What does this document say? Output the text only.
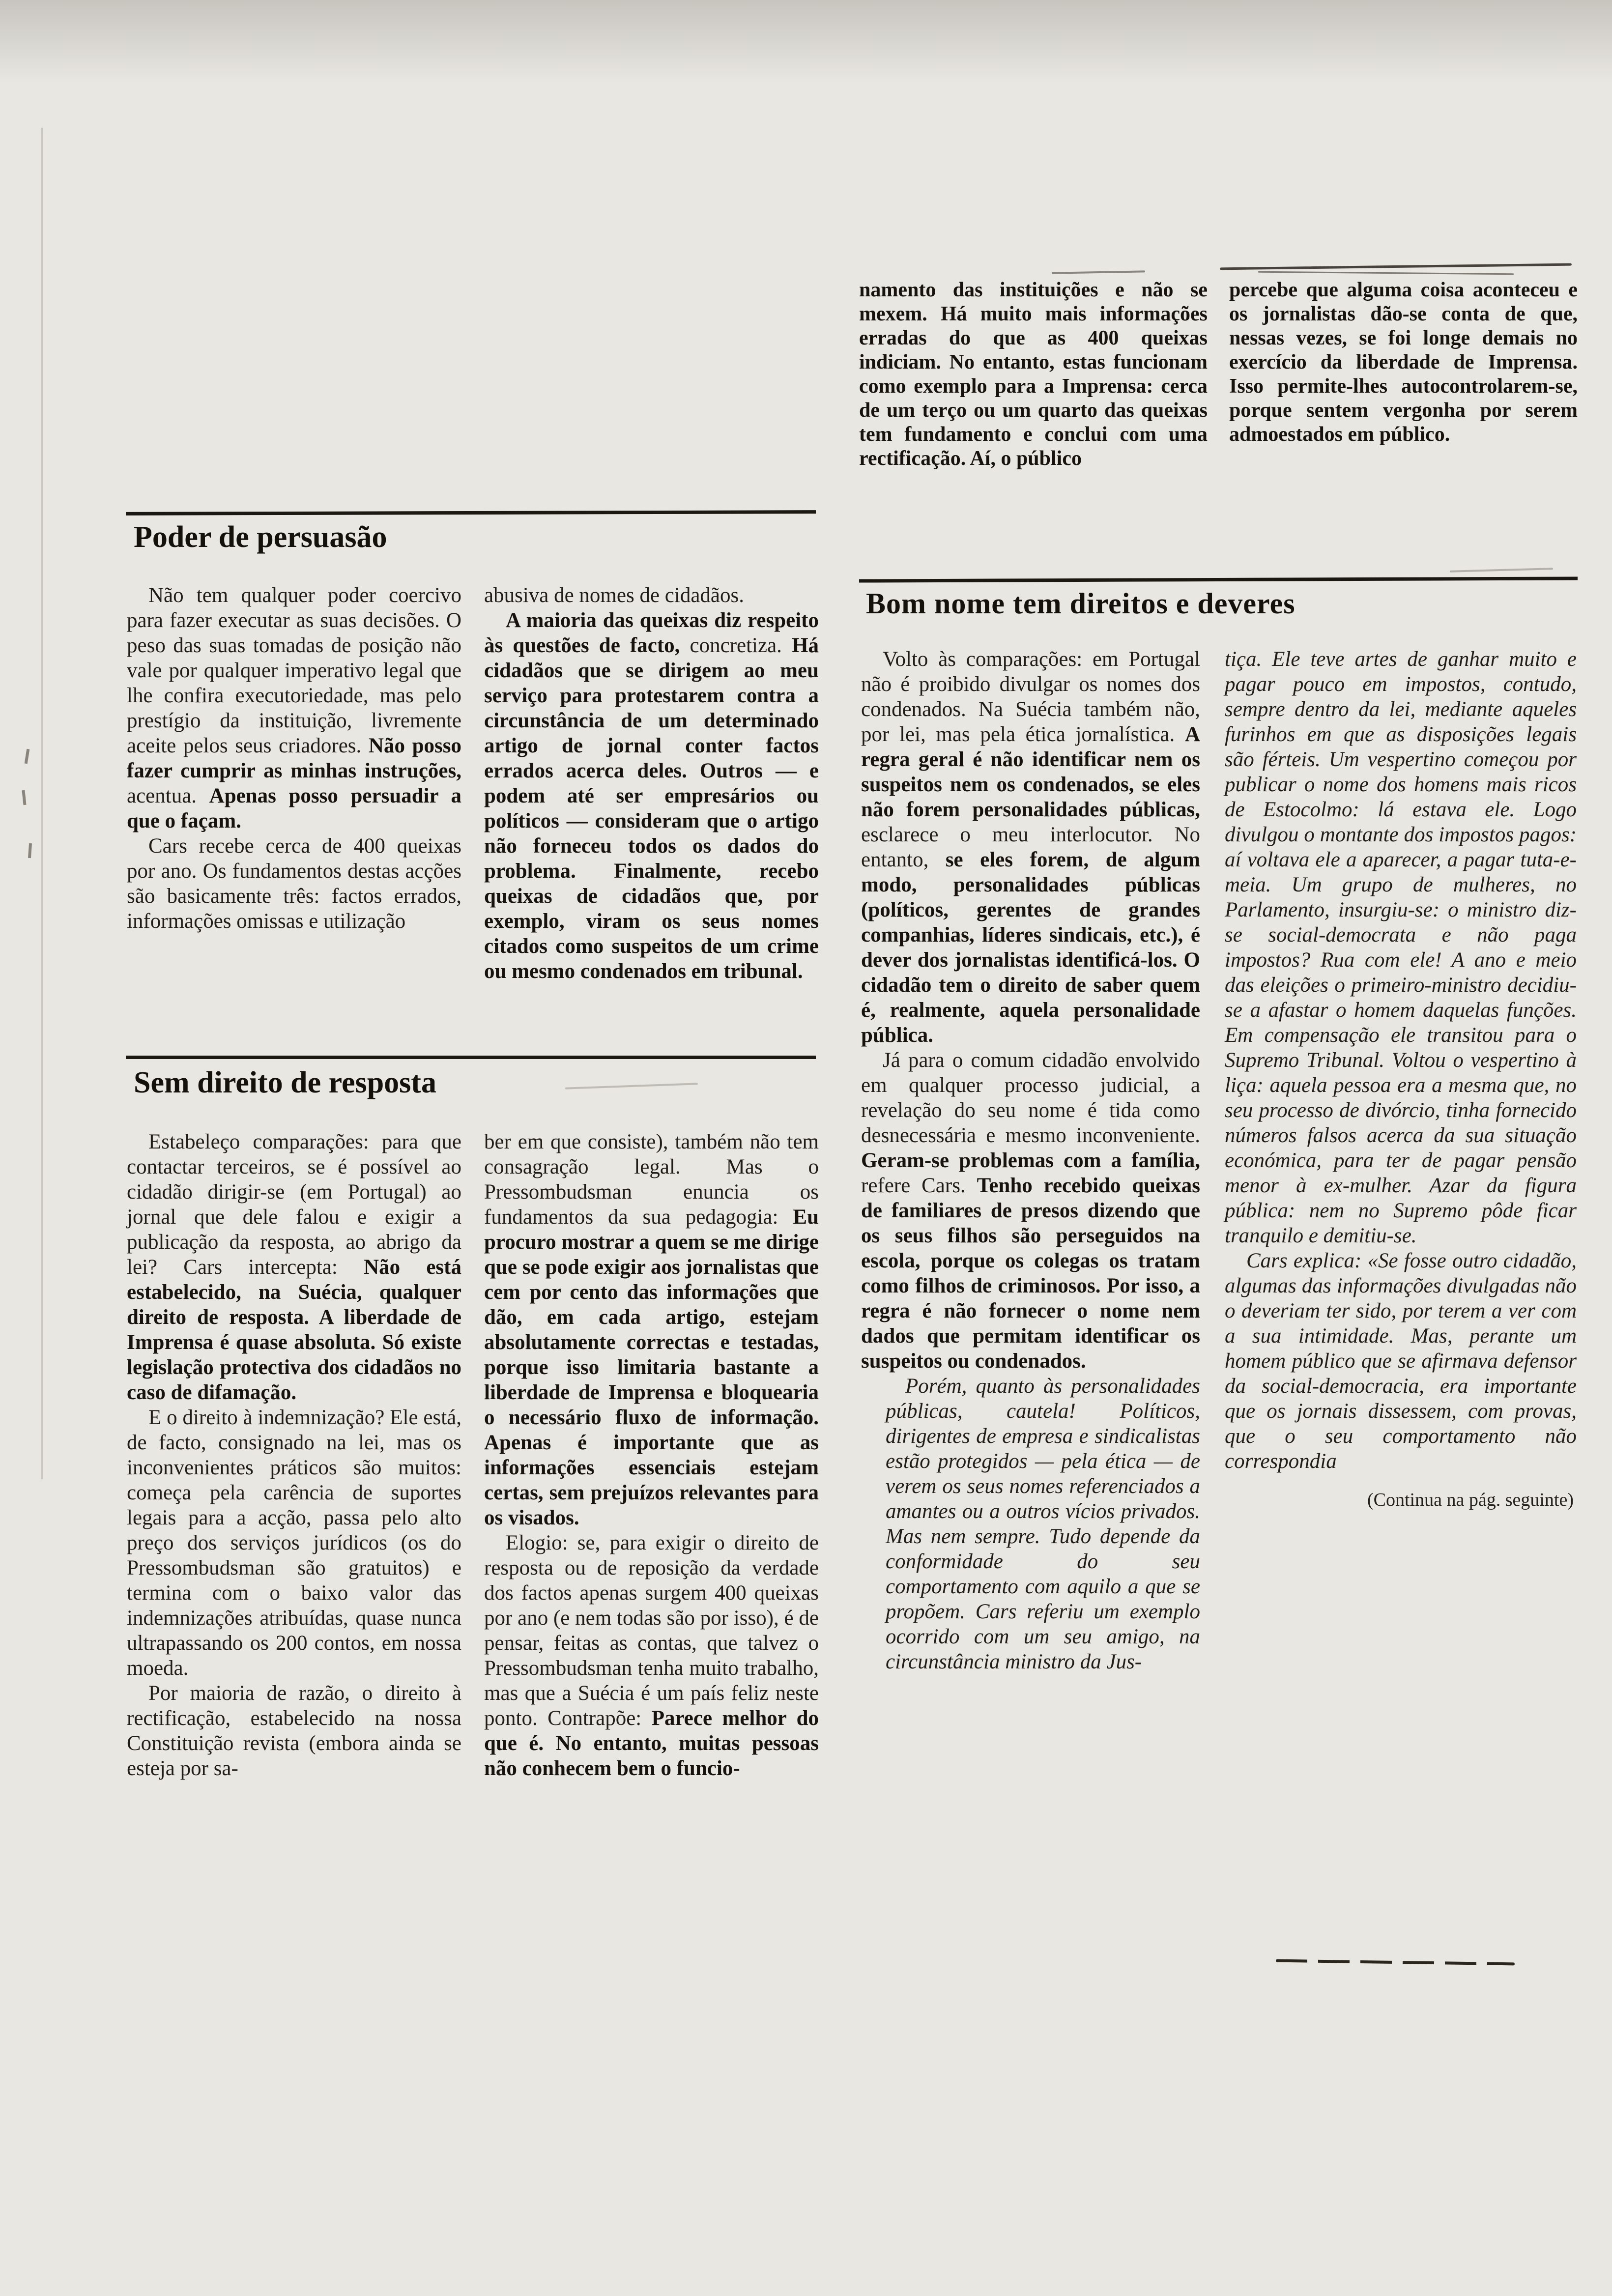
namento das instituições e não se mexem. Há muito mais informações erradas do que as 400 queixas indiciam. No entanto, estas funcionam como exemplo para a Imprensa: cerca de um terço ou um quarto das queixas tem fundamento e conclui com uma rectificação. Aí, o público

percebe que alguma coisa aconteceu e os jornalistas dão-se conta de que, nessas vezes, se foi longe demais no exercício da liberdade de Imprensa. Isso permite-lhes autocontrolarem-se, porque sentem vergonha por serem admoestados em público.

Poder de persuasão

Não tem qualquer poder coercivo para fazer executar as suas decisões. O peso das suas tomadas de posição não vale por qualquer imperativo legal que lhe confira executoriedade, mas pelo prestígio da instituição, livremente aceite pelos seus criadores. Não posso fazer cumprir as minhas instruções, acentua. Apenas posso persuadir a que o façam.

Cars recebe cerca de 400 queixas por ano. Os fundamentos destas acções são basicamente três: factos errados, informações omissas e utilização

abusiva de nomes de cidadãos.

A maioria das queixas diz respeito às questões de facto, concretiza. Há cidadãos que se dirigem ao meu serviço para protestarem contra a circunstância de um determinado artigo de jornal conter factos errados acerca deles. Outros — e podem até ser empresários ou políticos — consideram que o artigo não forneceu todos os dados do problema. Finalmente, recebo queixas de cidadãos que, por exemplo, viram os seus nomes citados como suspeitos de um crime ou mesmo condenados em tribunal.

Sem direito de resposta

Estabeleço comparações: para que contactar terceiros, se é possível ao cidadão dirigir-se (em Portugal) ao jornal que dele falou e exigir a publicação da resposta, ao abrigo da lei? Cars intercepta: Não está estabelecido, na Suécia, qualquer direito de resposta. A liberdade de Imprensa é quase absoluta. Só existe legislação protectiva dos cidadãos no caso de difamação.

E o direito à indemnização? Ele está, de facto, consignado na lei, mas os inconvenientes práticos são muitos: começa pela carência de suportes legais para a acção, passa pelo alto preço dos serviços jurídicos (os do Pressombudsman são gratuitos) e termina com o baixo valor das indemnizações atribuídas, quase nunca ultrapassando os 200 contos, em nossa moeda.

Por maioria de razão, o direito à rectificação, estabelecido na nossa Constituição revista (embora ainda se esteja por sa-

ber em que consiste), também não tem consagração legal. Mas o Pressombudsman enuncia os fundamentos da sua pedagogia: Eu procuro mostrar a quem se me dirige que se pode exigir aos jornalistas que cem por cento das informações que dão, em cada artigo, estejam absolutamente correctas e testadas, porque isso limitaria bastante a liberdade de Imprensa e bloquearia o necessário fluxo de informação. Apenas é importante que as informações essenciais estejam certas, sem prejuízos relevantes para os visados.

Elogio: se, para exigir o direito de resposta ou de reposição da verdade dos factos apenas surgem 400 queixas por ano (e nem todas são por isso), é de pensar, feitas as contas, que talvez o Pressombudsman tenha muito trabalho, mas que a Suécia é um país feliz neste ponto. Contrapõe: Parece melhor do que é. No entanto, muitas pessoas não conhecem bem o funcio-

Bom nome tem direitos e deveres

Volto às comparações: em Portugal não é proibido divulgar os nomes dos condenados. Na Suécia também não, por lei, mas pela ética jornalística. A regra geral é não identificar nem os suspeitos nem os condenados, se eles não forem personalidades públicas, esclarece o meu interlocutor. No entanto, se eles forem, de algum modo, personalidades públicas (políticos, gerentes de grandes companhias, líderes sindicais, etc.), é dever dos jornalistas identificá-los. O cidadão tem o direito de saber quem é, realmente, aquela personalidade pública.

Já para o comum cidadão envolvido em qualquer processo judicial, a revelação do seu nome é tida como desnecessária e mesmo inconveniente. Geram-se problemas com a família, refere Cars. Tenho recebido queixas de familiares de presos dizendo que os seus filhos são perseguidos na escola, porque os colegas os tratam como filhos de criminosos. Por isso, a regra é não fornecer o nome nem dados que permitam identificar os suspeitos ou condenados.

Porém, quanto às personalidades públicas, cautela! Políticos, dirigentes de empresa e sindicalistas estão protegidos — pela ética — de verem os seus nomes referenciados a amantes ou a outros vícios privados. Mas nem sempre. Tudo depende da conformidade do seu comportamento com aquilo a que se propõem. Cars referiu um exemplo ocorrido com um seu amigo, na circunstância ministro da Jus-

tiça. Ele teve artes de ganhar muito e pagar pouco em impostos, contudo, sempre dentro da lei, mediante aqueles furinhos em que as disposições legais são férteis. Um vespertino começou por publicar o nome dos homens mais ricos de Estocolmo: lá estava ele. Logo divulgou o montante dos impostos pagos: aí voltava ele a aparecer, a pagar tuta-e-meia. Um grupo de mulheres, no Parlamento, insurgiu-se: o ministro diz-se social-democrata e não paga impostos? Rua com ele! A ano e meio das eleições o primeiro-ministro decidiu-se a afastar o homem daquelas funções. Em compensação ele transitou para o Supremo Tribunal. Voltou o vespertino à liça: aquela pessoa era a mesma que, no seu processo de divórcio, tinha fornecido números falsos acerca da sua situação económica, para ter de pagar pensão menor à ex-mulher. Azar da figura pública: nem no Supremo pôde ficar tranquilo e demitiu-se.

Cars explica: «Se fosse outro cidadão, algumas das informações divulgadas não o deveriam ter sido, por terem a ver com a sua intimidade. Mas, perante um homem público que se afirmava defensor da social-democracia, era importante que os jornais dissessem, com provas, que o seu comportamento não correspondia

(Continua na pág. seguinte)
